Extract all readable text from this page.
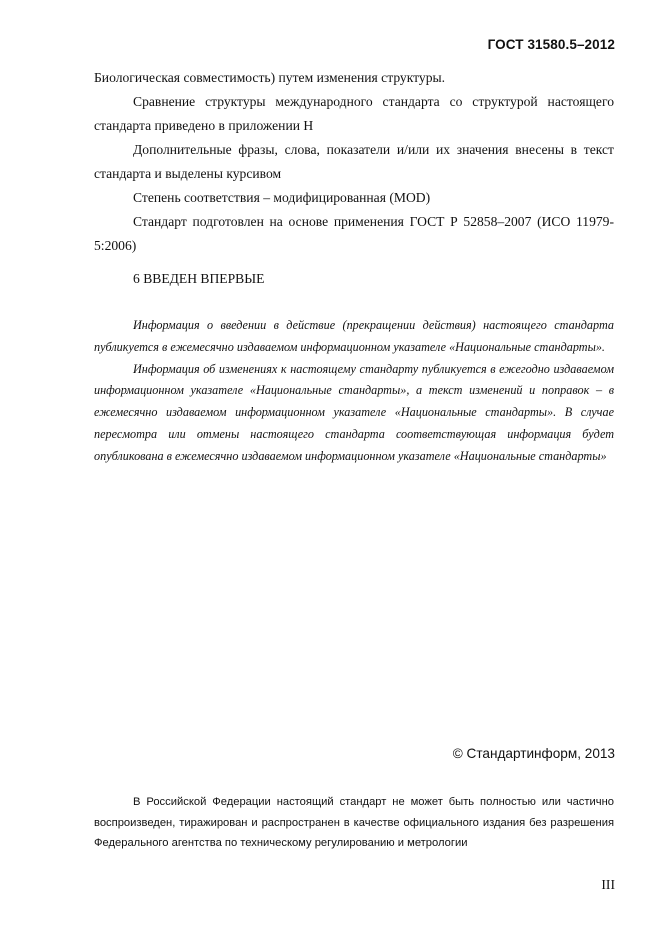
ГОСТ 31580.5–2012

Биологическая совместимость) путем изменения структуры.

Сравнение структуры международного стандарта со структурой настоящего стандарта приведено в приложении Н

Дополнительные фразы, слова, показатели и/или их значения внесены в текст стандарта и выделены курсивом

Степень соответствия – модифицированная (MOD)

Стандарт подготовлен на основе применения ГОСТ Р 52858–2007 (ИСО 11979-5:2006)

6 ВВЕДЕН ВПЕРВЫЕ

Информация о введении в действие (прекращении действия) настоящего стандарта публикуется в ежемесячно издаваемом информационном указателе «Национальные стандарты».

Информация об изменениях к настоящему стандарту публикуется в ежегодно издаваемом информационном указателе «Национальные стандарты», а текст изменений и поправок – в ежемесячно издаваемом информационном указателе «Национальные стандарты». В случае пересмотра или отмены настоящего стандарта соответствующая информация будет опубликована в ежемесячно издаваемом информационном указателе «Национальные стандарты»

© Стандартинформ, 2013

В Российской Федерации настоящий стандарт не может быть полностью или частично воспроизведен, тиражирован и распространен в качестве официального издания без разрешения Федерального агентства по техническому регулированию и метрологии

III
